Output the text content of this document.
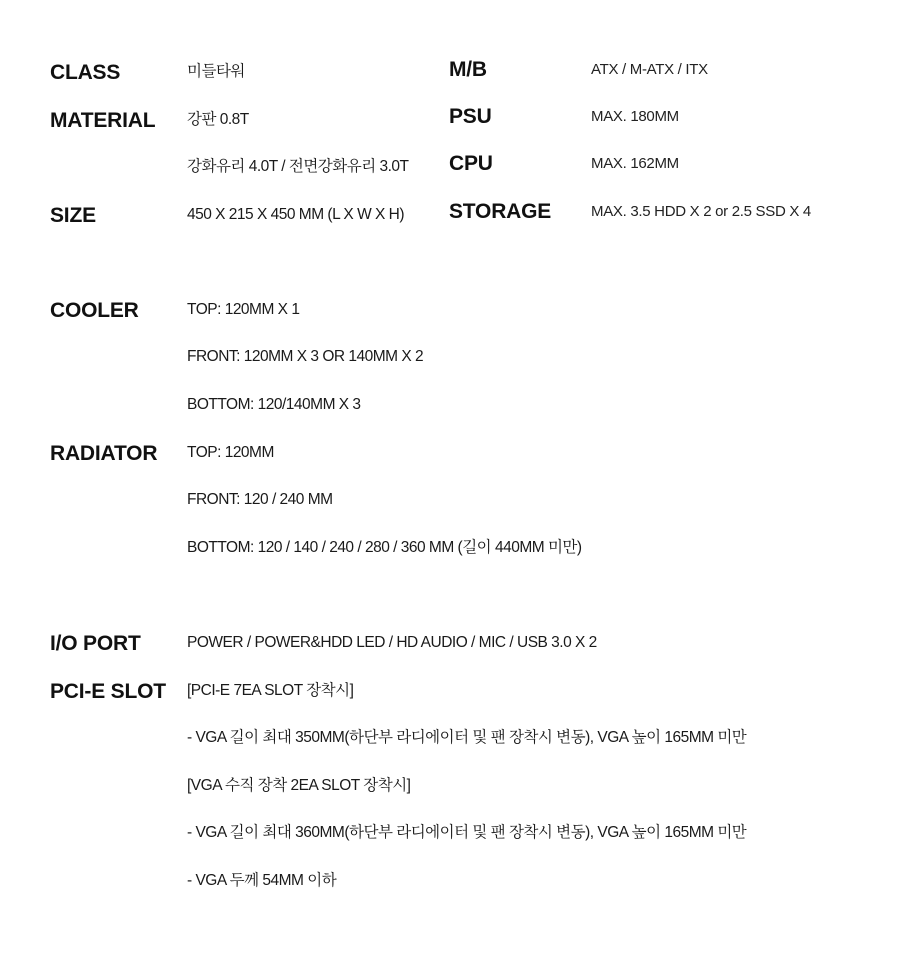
CLASS	미들타워
MATERIAL 강판 0.8T
강화유리 4.0T / 전면강화유리 3.0T
SIZE	450 X 215 X 450 MM (L X W X H)
M/B	ATX / M-ATX / ITX
PSU	MAX. 180MM
CPU	MAX. 162MM
STORAGE	MAX. 3.5 HDD X 2 or 2.5 SSD X 4
COOLER	TOP: 120MM X 1
FRONT: 120MM X 3 OR 140MM X 2
BOTTOM: 120/140MM X 3
RADIATOR TOP: 120MM
FRONT: 120 / 240 MM
BOTTOM: 120 / 140 / 240 / 280 / 360 MM (길이 440MM 미만)
I/O PORT	POWER / POWER&HDD LED / HD AUDIO / MIC / USB 3.0 X 2
PCI-E SLOT [PCI-E 7EA SLOT 장착시]
- VGA 길이 최대 350MM(하단부 라디에이터 및 팬 장착시 변동), VGA 높이 165MM 미만
[VGA 수직 장착 2EA SLOT 장착시]
- VGA 길이 최대 360MM(하단부 라디에이터 및 팬 장착시 변동), VGA 높이 165MM 미만
- VGA 두께 54MM 이하
